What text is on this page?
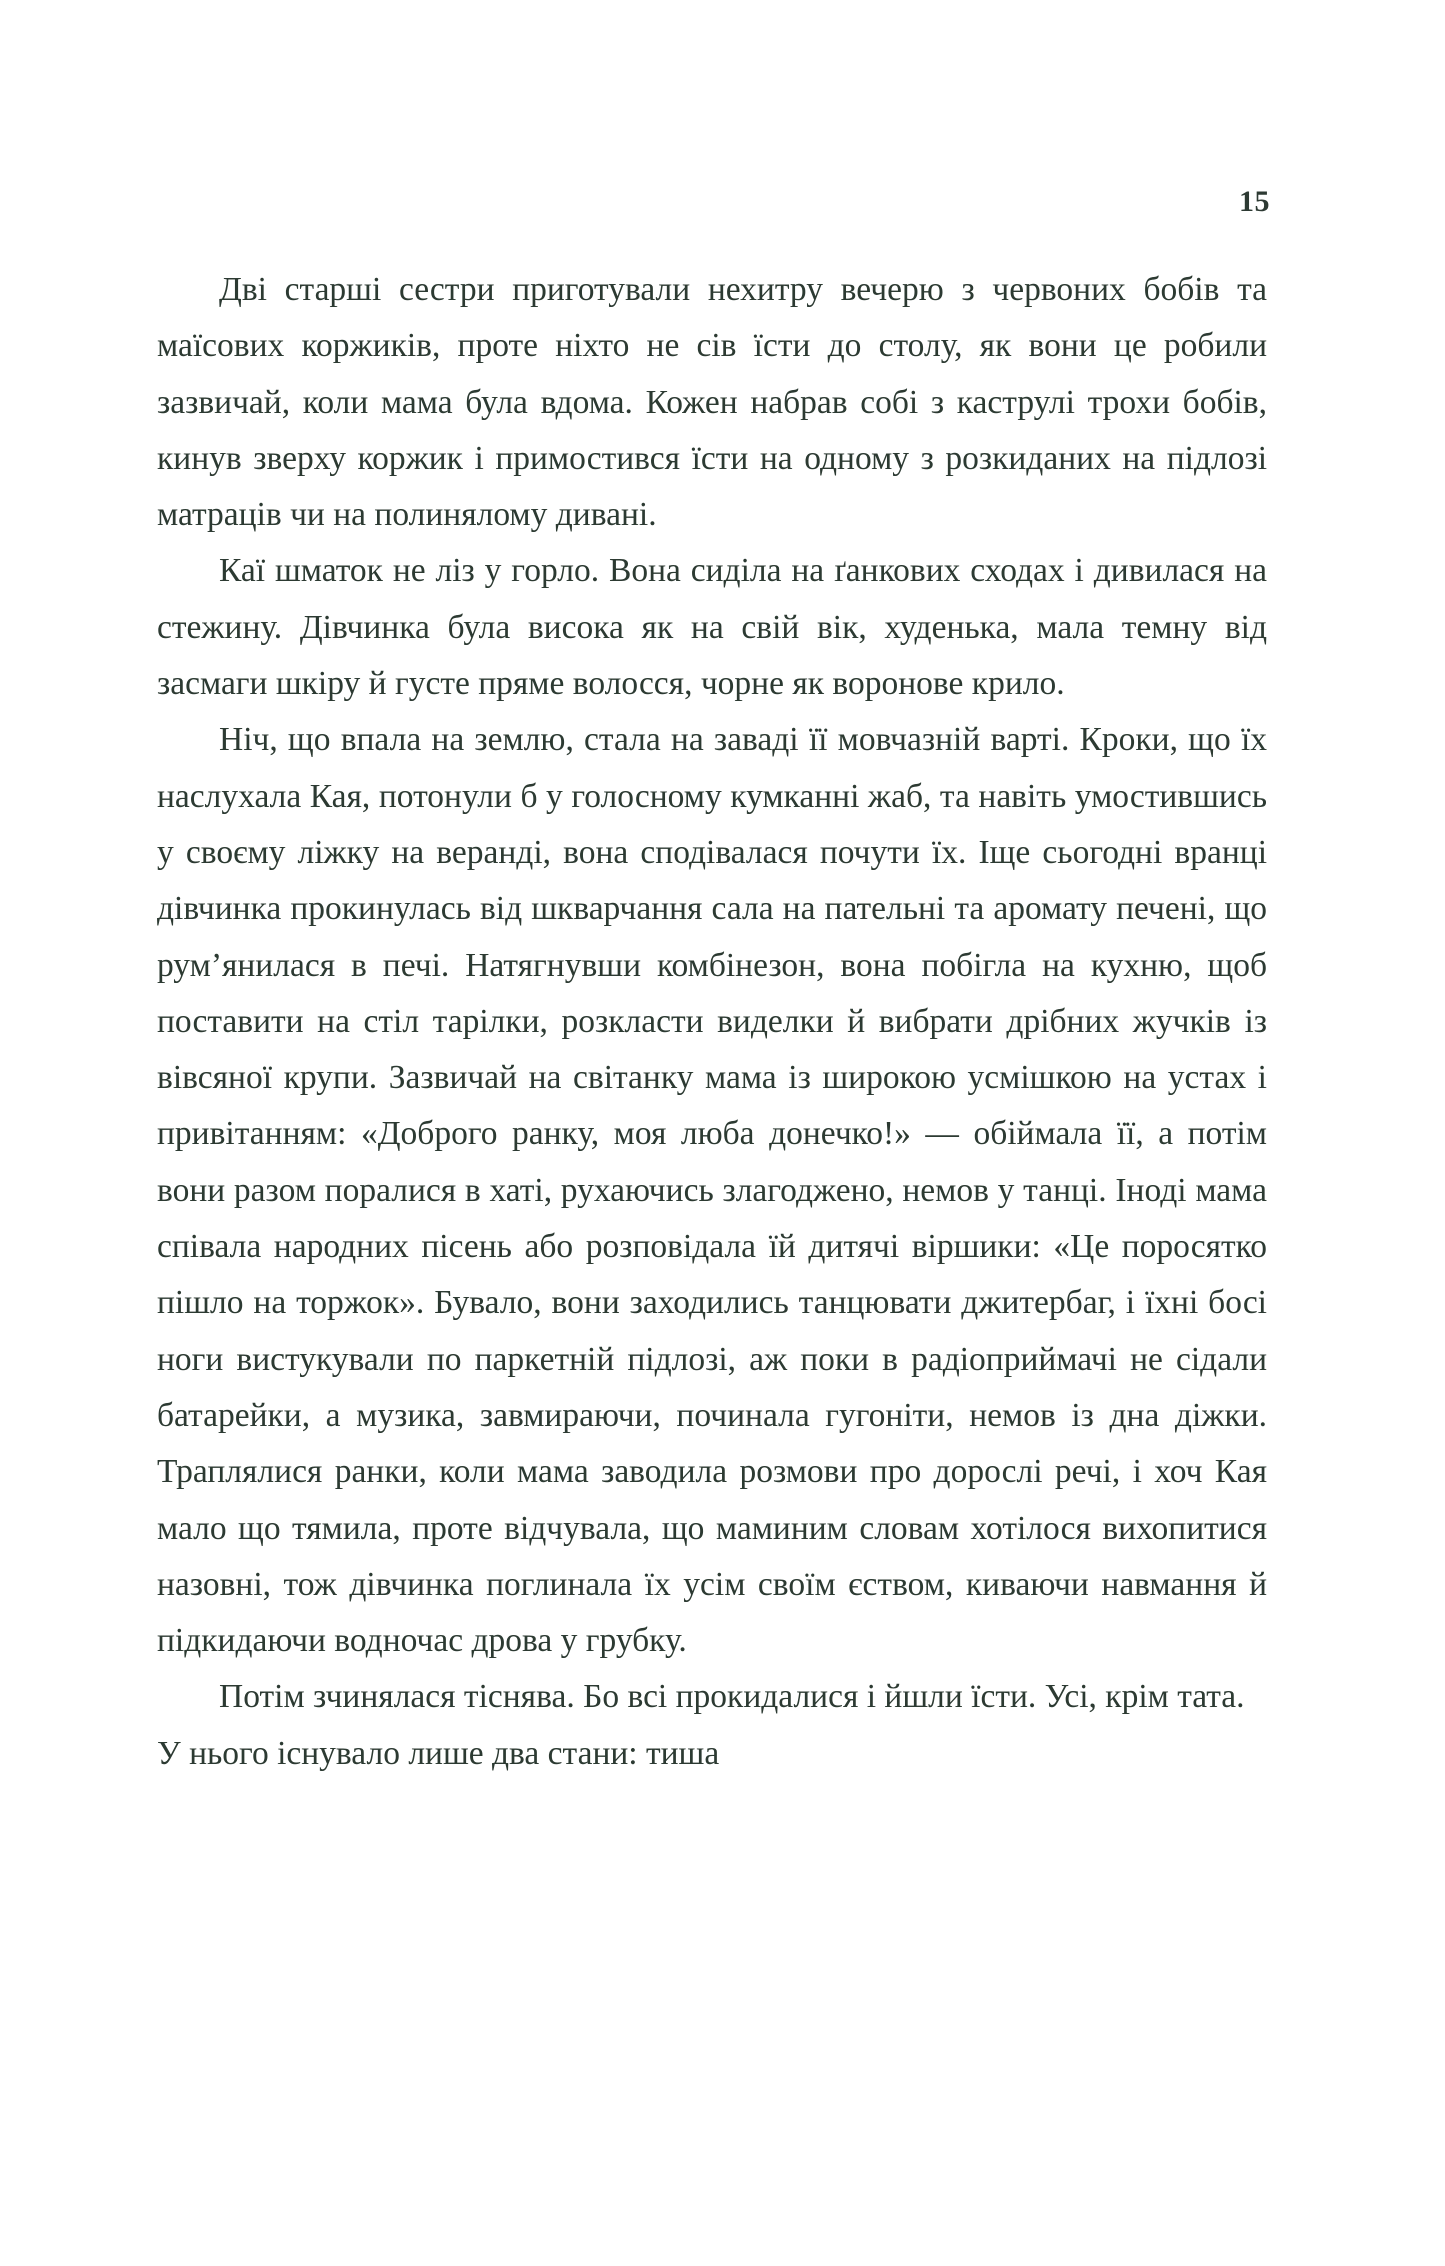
15

Дві старші сестри приготували нехитру вечерю з червоних бобів та маїсових коржиків, проте ніхто не сів їсти до столу, як вони це робили зазвичай, коли мама була вдома. Кожен набрав собі з каструлі трохи бобів, кинув зверху коржик і примостився їсти на одному з розкиданих на підлозі матраців чи на полинялому дивані.

Каї шматок не ліз у горло. Вона сиділа на ґанкових сходах і дивилася на стежину. Дівчинка була висока як на свій вік, худенька, мала темну від засмаги шкіру й густе пряме волосся, чорне як воронове крило.

Ніч, що впала на землю, стала на заваді її мовчазній варті. Кроки, що їх наслухала Кая, потонули б у голосному кумканні жаб, та навіть умостившись у своєму ліжку на веранді, вона сподівалася почути їх. Іще сьогодні вранці дівчинка прокинулась від шкварчання сала на пательні та аромату печені, що рум’янилася в печі. Натягнувши комбінезон, вона побігла на кухню, щоб поставити на стіл тарілки, розкласти виделки й вибрати дрібних жучків із вівсяної крупи. Зазвичай на світанку мама із широкою усмішкою на устах і привітанням: «Доброго ранку, моя люба донечко!» — обіймала її, а потім вони разом поралися в хаті, рухаючись злагоджено, немов у танці. Іноді мама співала народних пісень або розповідала їй дитячі віршики: «Це поросятко пішло на торжок». Бувало, вони заходились танцювати джитербаг, і їхні босі ноги вистукували по паркетній підлозі, аж поки в радіоприймачі не сідали батарейки, а музика, завмираючи, починала гугоніти, немов із дна діжки. Траплялися ранки, коли мама заводила розмови про дорослі речі, і хоч Кая мало що тямила, проте відчувала, що маминим словам хотілося вихопитися назовні, тож дівчинка поглинала їх усім своїм єством, киваючи навмання й підкидаючи водночас дрова у грубку.

Потім зчинялася тіснява. Бо всі прокидалися і йшли їсти. Усі, крім тата. У нього існувало лише два стани: тиша
